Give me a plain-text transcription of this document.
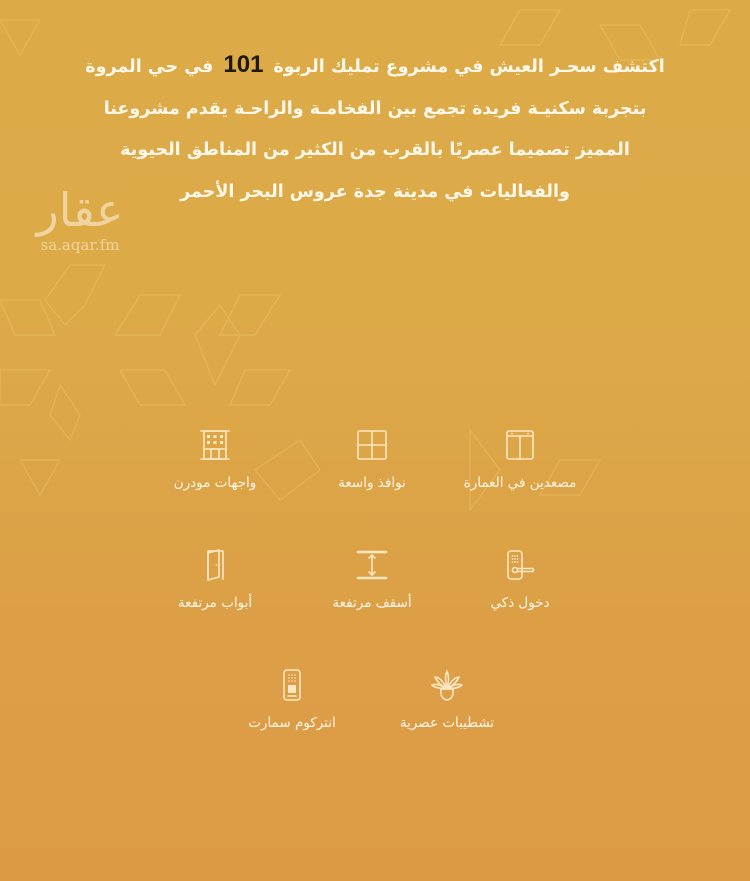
اكتشف سحـر العيش في مشروع تمليك الربوة101في حي المروة
بتجربة سكنيـة فريدة تجمع بين الفخامـة والراحـة يقدم مشروعنا
المميز تصميما عصريًا بالقرب من الكثير من المناطق الحيوية
والفعاليات في مدينة جدة عروس البحر الأحمر
عقار
sa.aqar.fm
مصعدين في العمارة
نوافذ واسعة
واجهات مودرن
دخول ذكي
أسقف مرتفعة
أبواب مرتفعة
تشطيبات عصرية
انتركوم سمارت
